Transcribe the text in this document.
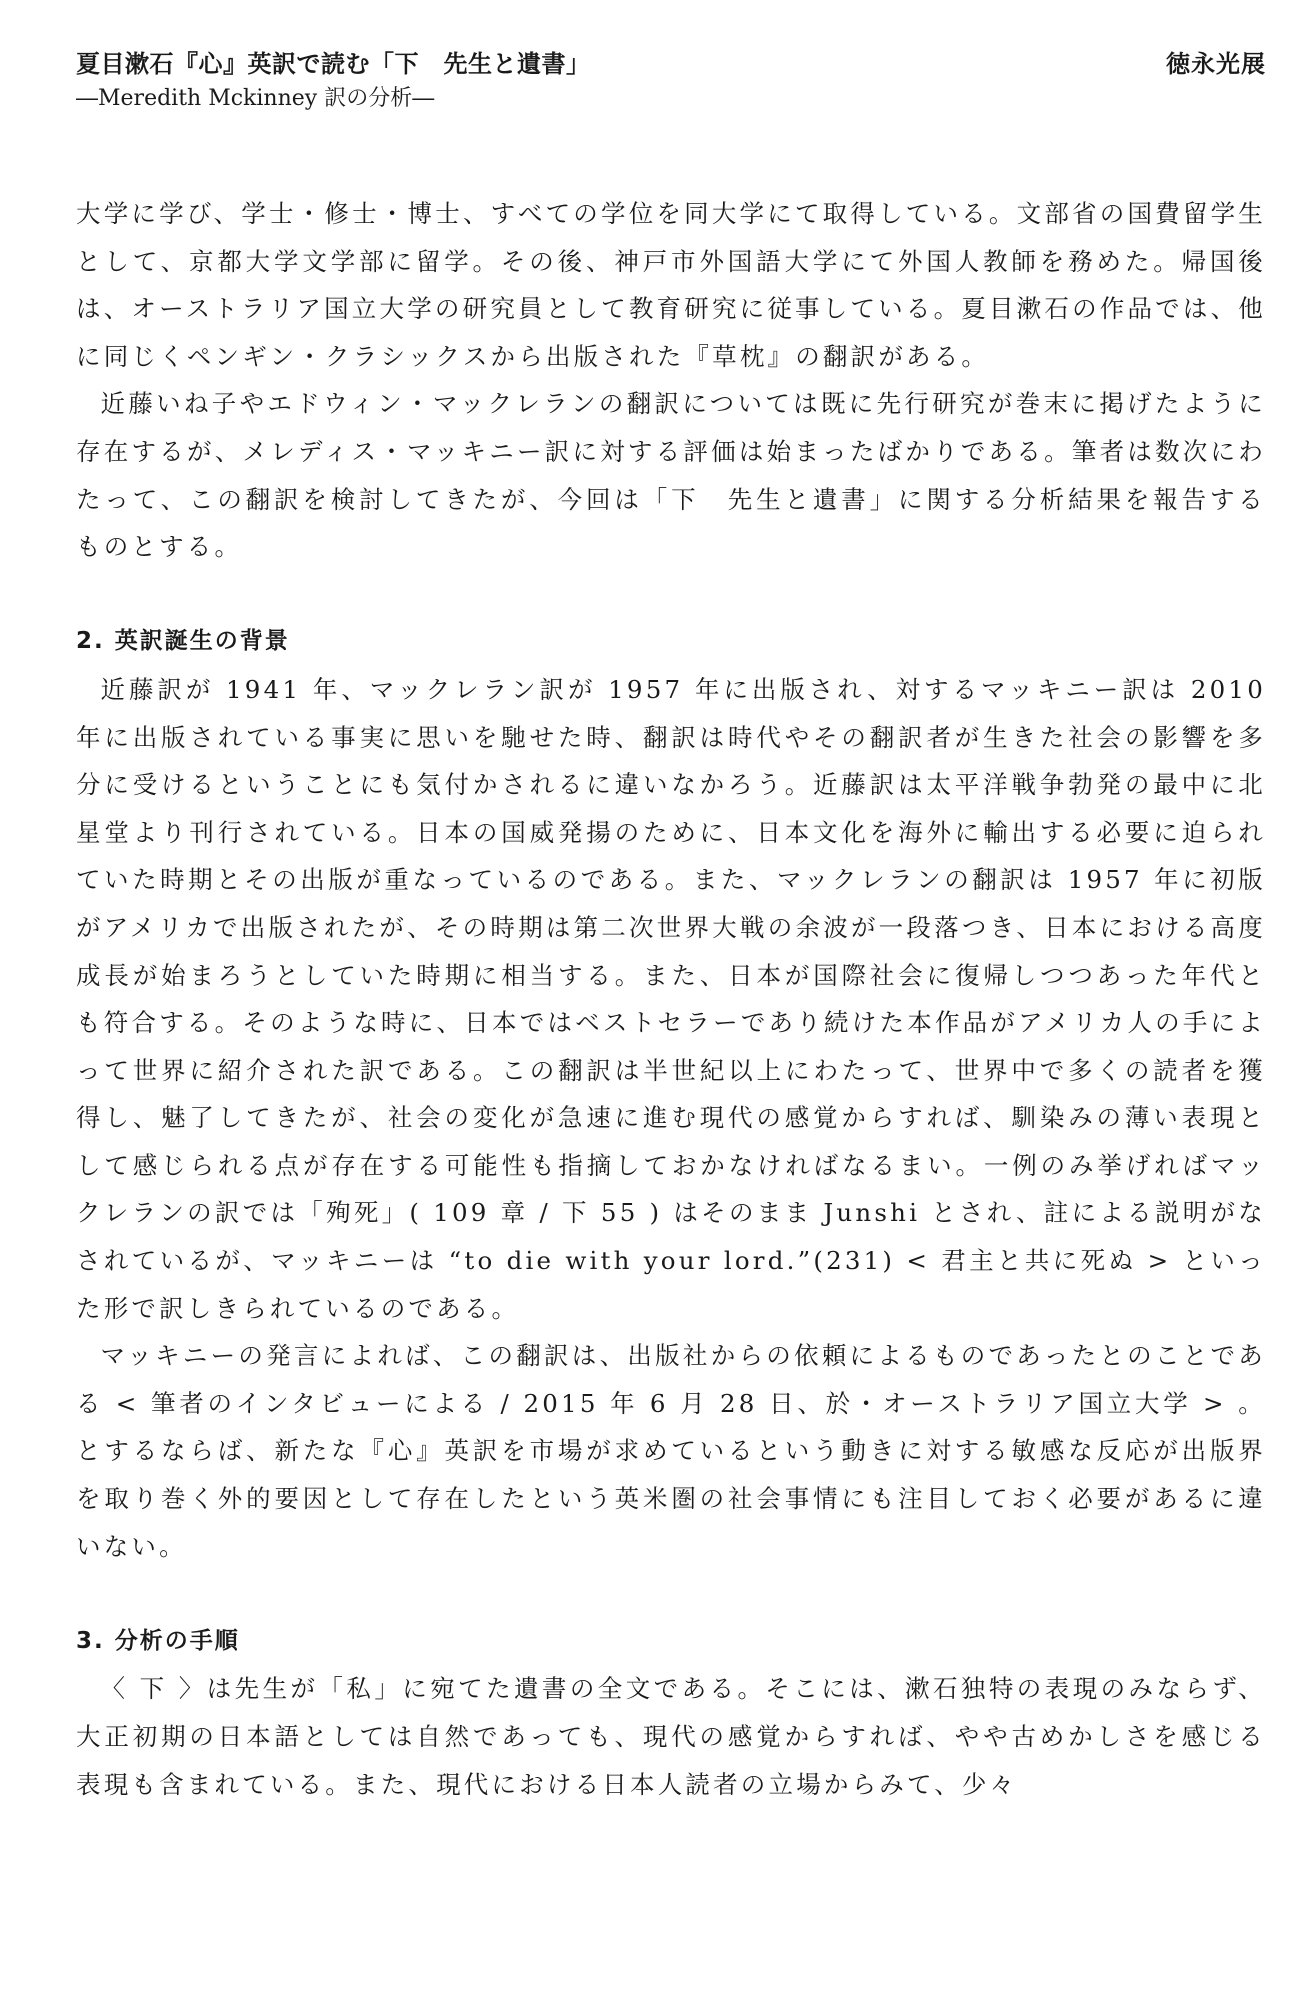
夏目漱石『心』英訳で読む「下　先生と遺書」
―Meredith Mckinney 訳の分析―
徳永光展

大学に学び、学士・修士・博士、すべての学位を同大学にて取得している。文部省の国費留学生として、京都大学文学部に留学。その後、神戸市外国語大学にて外国人教師を務めた。帰国後は、オーストラリア国立大学の研究員として教育研究に従事している。夏目漱石の作品では、他に同じくペンギン・クラシックスから出版された『草枕』の翻訳がある。

近藤いね子やエドウィン・マックレランの翻訳については既に先行研究が巻末に掲げたように存在するが、メレディス・マッキニー訳に対する評価は始まったばかりである。筆者は数次にわたって、この翻訳を検討してきたが、今回は「下　先生と遺書」に関する分析結果を報告するものとする。

2. 英訳誕生の背景

近藤訳が 1941 年、マックレラン訳が 1957 年に出版され、対するマッキニー訳は 2010 年に出版されている事実に思いを馳せた時、翻訳は時代やその翻訳者が生きた社会の影響を多分に受けるということにも気付かされるに違いなかろう。近藤訳は太平洋戦争勃発の最中に北星堂より刊行されている。日本の国威発揚のために、日本文化を海外に輸出する必要に迫られていた時期とその出版が重なっているのである。また、マックレランの翻訳は 1957 年に初版がアメリカで出版されたが、その時期は第二次世界大戦の余波が一段落つき、日本における高度成長が始まろうとしていた時期に相当する。また、日本が国際社会に復帰しつつあった年代とも符合する。そのような時に、日本ではベストセラーであり続けた本作品がアメリカ人の手によって世界に紹介された訳である。この翻訳は半世紀以上にわたって、世界中で多くの読者を獲得し、魅了してきたが、社会の変化が急速に進む現代の感覚からすれば、馴染みの薄い表現として感じられる点が存在する可能性も指摘しておかなければなるまい。一例のみ挙げればマックレランの訳では「殉死」( 109 章 / 下 55 ) はそのまま Junshi とされ、註による説明がなされているが、マッキニーは “to die with your lord.”(231) < 君主と共に死ぬ > といった形で訳しきられているのである。

マッキニーの発言によれば、この翻訳は、出版社からの依頼によるものであったとのことである < 筆者のインタビューによる / 2015 年 6 月 28 日、於・オーストラリア国立大学 > 。とするならば、新たな『心』英訳を市場が求めているという動きに対する敏感な反応が出版界を取り巻く外的要因として存在したという英米圏の社会事情にも注目しておく必要があるに違いない。

3. 分析の手順

〈 下 〉は先生が「私」に宛てた遺書の全文である。そこには、漱石独特の表現のみならず、大正初期の日本語としては自然であっても、現代の感覚からすれば、やや古めかしさを感じる表現も含まれている。また、現代における日本人読者の立場からみて、少々
